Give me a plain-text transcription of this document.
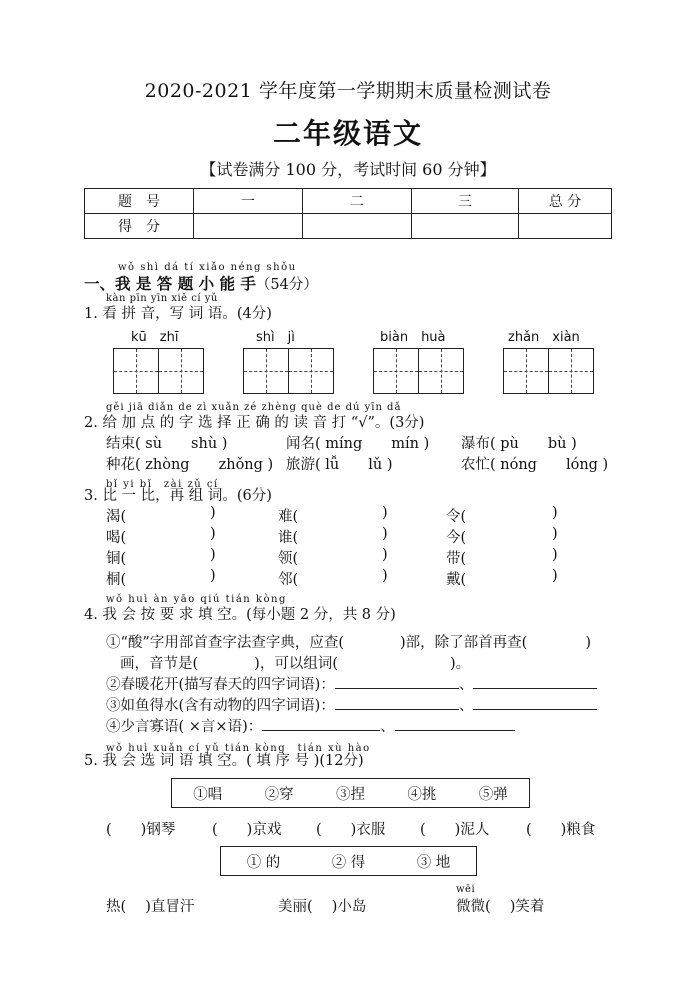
2020-2021 学年度第一学期期末质量检测试卷
二年级语文
【试卷满分 100 分，考试时间 60 分钟】
题　号	一	二	三	总 分
得　分				
wǒ shì dá tí xiǎo néng shǒu
一、我 是 答 题 小 能 手（54分）
kàn pīn yīn xiě cí yǔ
1. 看 拼 音，写 词 语。(4分)
kū　zhī	shì　jì	biàn　huà	zhǎn　xiàn
gěi jiā diǎn de zì xuǎn zé zhèng què de dú yīn dǎ
2. 给 加 点 的 字 选 择 正 确 的 读 音 打 “√”。(3分)
结束( sù　　shù )	闻名( míng　　mín ) 瀑布( pù　　bù )
种花( zhòng　　zhǒng ) 旅游( lǚ　　lǔ )	农忙( nóng　　lóng )
bǐ yi bǐ　zài zǔ cí
3. 比 一 比，再 组 词。(6分)
渴(	)	难(	)	令(	)
喝(	)	谁(	)	今(	)
铜(	)	领(	)	带(	)
桐(	)	邻(	)	戴(	)
wǒ huì àn yāo qiú tián kòng
4. 我 会 按 要 求 填 空。(每小题 2 分，共 8 分)
①“酸”字用部首查字法查字典，应查(	)部，除了部首再查(	)
画，音节是(	)，可以组词(	)。
②春暖花开(描写春天的四字词语)：	、
③如鱼得水(含有动物的四字词语)：	、
④少言寡语( ×言×语)：	、
wǒ huì xuǎn cí yǔ tián kòng　tián xù hào
5. 我 会 选 词 语 填 空。( 填 序 号 )(12分)
①唱	②穿	③捏	④挑	⑤弹
(　　)钢琴	(　　)京戏 (　　)衣服 (　　)泥人	(　　)粮食
① 的	② 得	③ 地
wēi
热(　 )直冒汗	美丽(　 )小岛	微微(　 )笑着
